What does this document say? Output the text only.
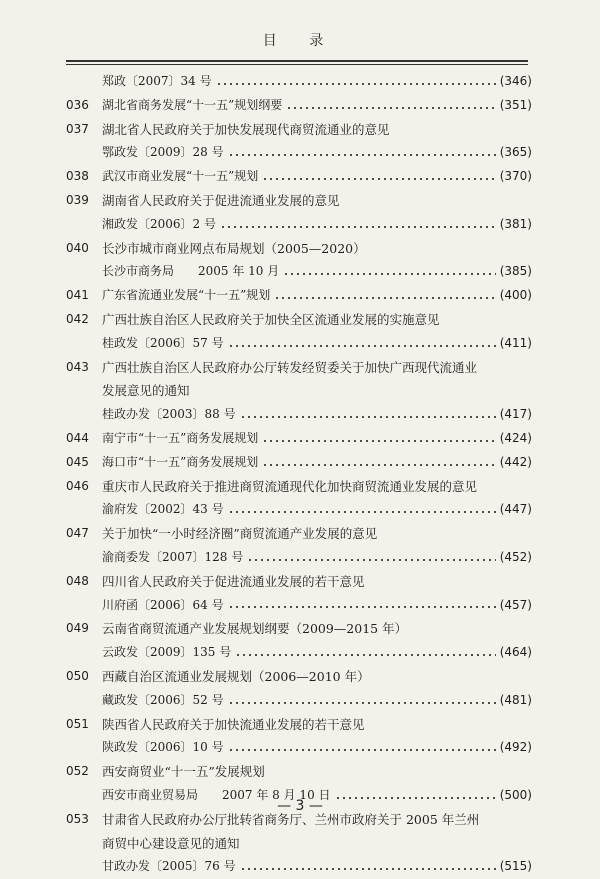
目 录
郑政〔2007〕34 号	(346)
036	湖北省商务发展“十一五”规划纲要	(351)
037	湖北省人民政府关于加快发展现代商贸流通业的意见
鄂政发〔2009〕28 号	(365)
038	武汉市商业发展“十一五”规划	(370)
039	湖南省人民政府关于促进流通业发展的意见
湘政发〔2006〕2 号	(381)
040	长沙市城市商业网点布局规划（2005—2020）
长沙市商务局　　2005 年 10 月	(385)
041	广东省流通业发展“十一五”规划	(400)
042	广西壮族自治区人民政府关于加快全区流通业发展的实施意见
桂政发〔2006〕57 号	(411)
043	广西壮族自治区人民政府办公厅转发经贸委关于加快广西现代流通业
发展意见的通知
桂政办发〔2003〕88 号	(417)
044	南宁市“十一五”商务发展规划	(424)
045	海口市“十一五”商务发展规划	(442)
046	重庆市人民政府关于推进商贸流通现代化加快商贸流通业发展的意见
渝府发〔2002〕43 号	(447)
047	关于加快“一小时经济圈”商贸流通产业发展的意见
渝商委发〔2007〕128 号	(452)
048	四川省人民政府关于促进流通业发展的若干意见
川府函〔2006〕64 号	(457)
049	云南省商贸流通产业发展规划纲要（2009—2015 年）
云政发〔2009〕135 号	(464)
050	西藏自治区流通业发展规划（2006—2010 年）
藏政发〔2006〕52 号	(481)
051	陕西省人民政府关于加快流通业发展的若干意见
陕政发〔2006〕10 号	(492)
052	西安商贸业“十一五”发展规划
西安市商业贸易局　　2007 年 8 月 10 日	(500)
053	甘肃省人民政府办公厅批转省商务厅、兰州市政府关于 2005 年兰州
商贸中心建设意见的通知
甘政办发〔2005〕76 号	(515)
— 3 —
